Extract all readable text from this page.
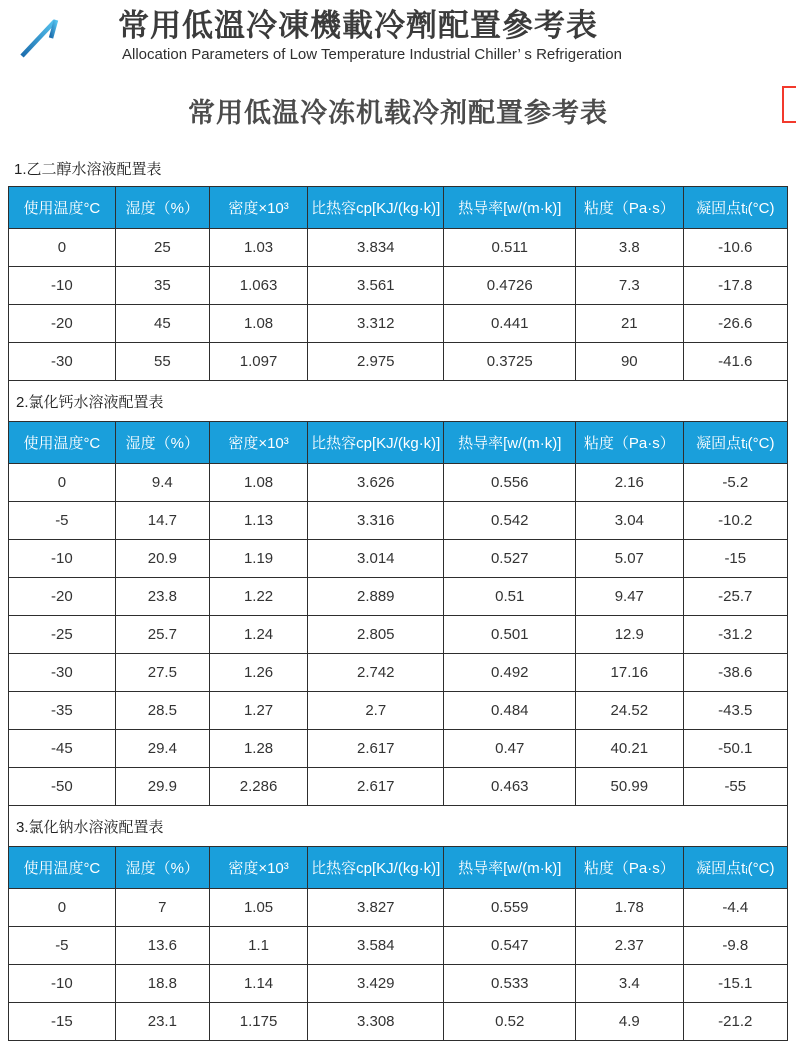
常用低溫冷凍機載冷劑配置參考表

Allocation Parameters of Low Temperature Industrial Chiller’ s Refrigeration

常用低温冷冻机载冷剂配置参考表
1.乙二醇水溶液配置表
使用温度°C	湿度（%）	密度×10³	比热容cp[KJ/(kg·k)]	热导率[w/(m·k)]	粘度（Pa·s）	凝固点tᵢ(°C)
0	25	1.03	3.834	0.511	3.8	-10.6
-10	35	1.063	3.561	0.4726	7.3	-17.8
-20	45	1.08	3.312	0.441	21	-26.6
-30	55	1.097	2.975	0.3725	90	-41.6
2.氯化钙水溶液配置表
使用温度°C	湿度（%）	密度×10³	比热容cp[KJ/(kg·k)]	热导率[w/(m·k)]	粘度（Pa·s）	凝固点tᵢ(°C)
0	9.4	1.08	3.626	0.556	2.16	-5.2
-5	14.7	1.13	3.316	0.542	3.04	-10.2
-10	20.9	1.19	3.014	0.527	5.07	-15
-20	23.8	1.22	2.889	0.51	9.47	-25.7
-25	25.7	1.24	2.805	0.501	12.9	-31.2
-30	27.5	1.26	2.742	0.492	17.16	-38.6
-35	28.5	1.27	2.7	0.484	24.52	-43.5
-45	29.4	1.28	2.617	0.47	40.21	-50.1
-50	29.9	2.286	2.617	0.463	50.99	-55
3.氯化钠水溶液配置表
使用温度°C	湿度（%）	密度×10³	比热容cp[KJ/(kg·k)]	热导率[w/(m·k)]	粘度（Pa·s）	凝固点tᵢ(°C)
0	7	1.05	3.827	0.559	1.78	-4.4
-5	13.6	1.1	3.584	0.547	2.37	-9.8
-10	18.8	1.14	3.429	0.533	3.4	-15.1
-15	23.1	1.175	3.308	0.52	4.9	-21.2
